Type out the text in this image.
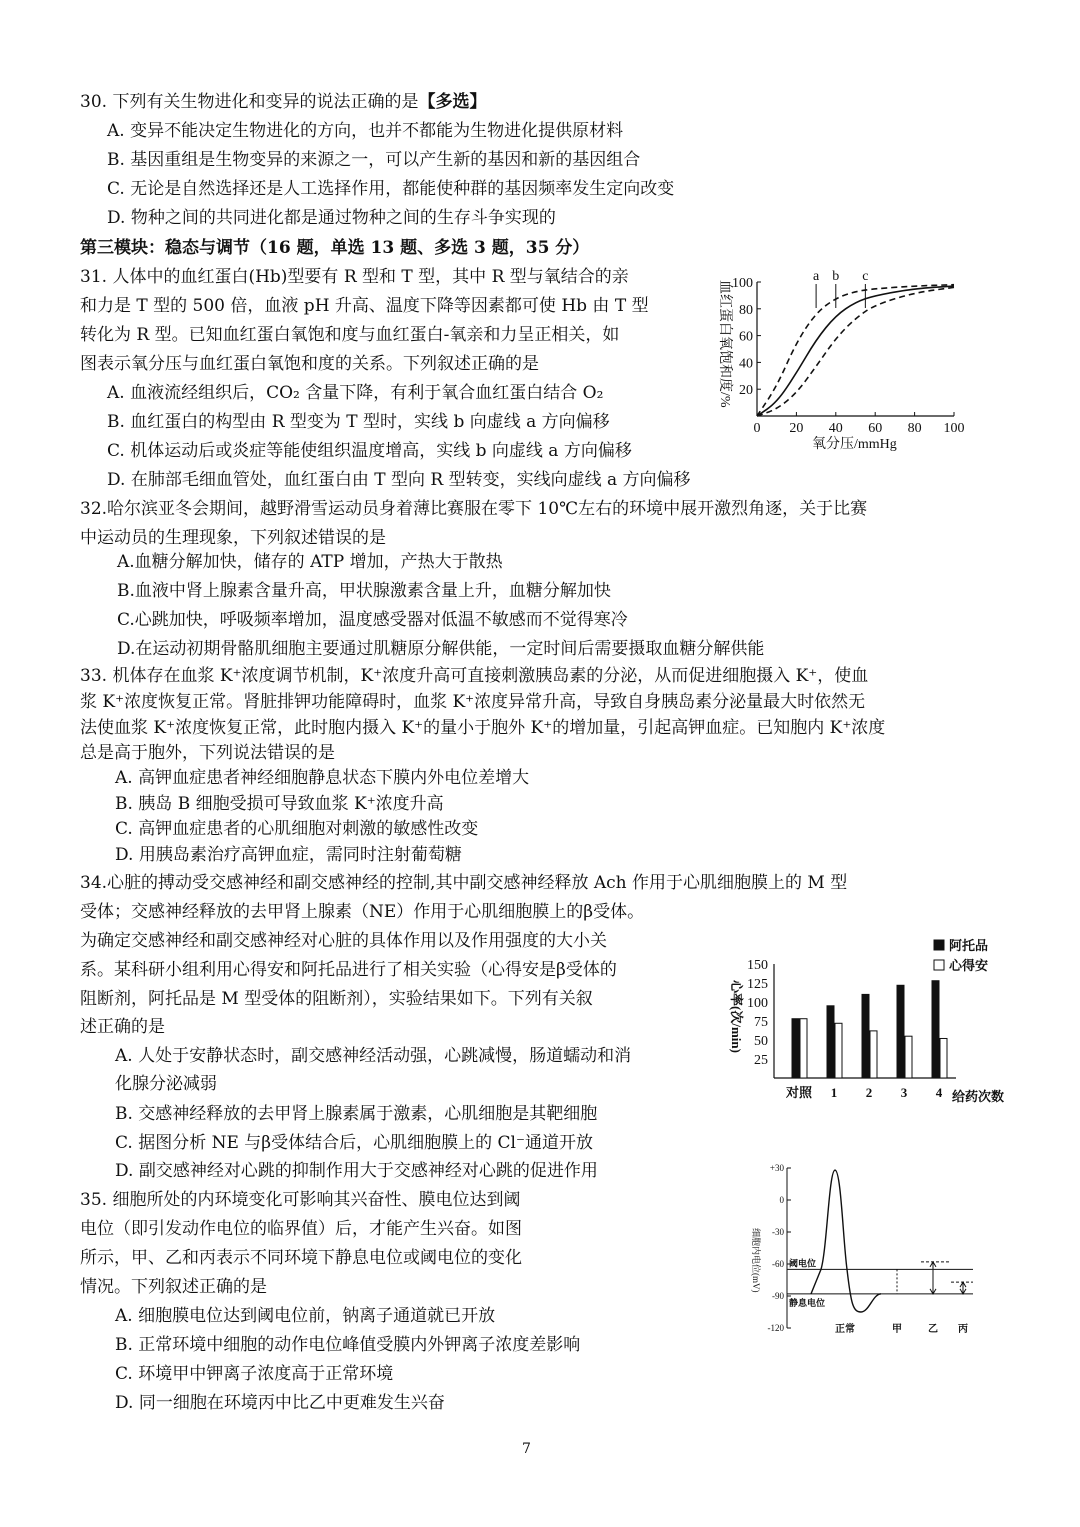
30. 下列有关生物进化和变异的说法正确的是【多选】
A. 变异不能决定生物进化的方向，也并不都能为生物进化提供原材料
B. 基因重组是生物变异的来源之一，可以产生新的基因和新的基因组合
C. 无论是自然选择还是人工选择作用，都能使种群的基因频率发生定向改变
D. 物种之间的共同进化都是通过物种之间的生存斗争实现的
第三模块：稳态与调节（16 题，单选 13 题、多选 3 题，35 分）
31. 人体中的血红蛋白(Hb)型要有 R 型和 T 型，其中 R 型与氧结合的亲
和力是 T 型的 500 倍，血液 pH 升高、温度下降等因素都可使 Hb 由 T 型
转化为 R 型。已知血红蛋白氧饱和度与血红蛋白-氧亲和力呈正相关，如
图表示氧分压与血红蛋白氧饱和度的关系。下列叙述正确的是
A. 血液流经组织后，CO₂ 含量下降，有利于氧合血红蛋白结合 O₂
B. 血红蛋白的构型由 R 型变为 T 型时，实线 b 向虚线 a 方向偏移
C. 机体运动后或炎症等能使组织温度增高，实线 b 向虚线 a 方向偏移
D. 在肺部毛细血管处，血红蛋白由 T 型向 R 型转变，实线向虚线 a 方向偏移
血红蛋白氧饱和度/%
0 20 40 60 80 100
20
40
60
80
100	a b c
氧分压/mmHg
32.哈尔滨亚冬会期间，越野滑雪运动员身着薄比赛服在零下 10℃左右的环境中展开激烈角逐，关于比赛
中运动员的生理现象，下列叙述错误的是
A.血糖分解加快，储存的 ATP 增加，产热大于散热
B.血液中肾上腺素含量升高，甲状腺激素含量上升，血糖分解加快
C.心跳加快，呼吸频率增加，温度感受器对低温不敏感而不觉得寒冷
D.在运动初期骨骼肌细胞主要通过肌糖原分解供能，一定时间后需要摄取血糖分解供能
33. 机体存在血浆 K⁺浓度调节机制，K⁺浓度升高可直接刺激胰岛素的分泌，从而促进细胞摄入 K⁺，使血
浆 K⁺浓度恢复正常。肾脏排钾功能障碍时，血浆 K⁺浓度异常升高，导致自身胰岛素分泌量最大时依然无
法使血浆 K⁺浓度恢复正常，此时胞内摄入 K⁺的量小于胞外 K⁺的增加量，引起高钾血症。已知胞内 K⁺浓度
总是高于胞外，下列说法错误的是
A. 高钾血症患者神经细胞静息状态下膜内外电位差增大
B. 胰岛 B 细胞受损可导致血浆 K⁺浓度升高
C. 高钾血症患者的心肌细胞对刺激的敏感性改变
D. 用胰岛素治疗高钾血症，需同时注射葡萄糖
34.心脏的搏动受交感神经和副交感神经的控制,其中副交感神经释放 Ach 作用于心肌细胞膜上的 M 型
受体；交感神经释放的去甲肾上腺素（NE）作用于心肌细胞膜上的β受体。
为确定交感神经和副交感神经对心脏的具体作用以及作用强度的大小关
系。某科研小组利用心得安和阿托品进行了相关实验（心得安是β受体的
阻断剂，阿托品是 M 型受体的阻断剂），实验结果如下。下列有关叙
述正确的是
A. 人处于安静状态时，副交感神经活动强，心跳减慢，肠道蠕动和消
化腺分泌减弱
B. 交感神经释放的去甲肾上腺素属于激素，心肌细胞是其靶细胞
C. 据图分析 NE 与β受体结合后，心肌细胞膜上的 Cl⁻通道开放
D. 副交感神经对心跳的抑制作用大于交感神经对心跳的促进作用
阿托品
心得安
心率(次/min)
25
50
75
100
125
150
对照 1 2 3 4 给药次数
35. 细胞所处的内环境变化可影响其兴奋性、膜电位达到阈
电位（即引发动作电位的临界值）后，才能产生兴奋。如图
所示，甲、乙和丙表示不同环境下静息电位或阈电位的变化
情况。下列叙述正确的是
A. 细胞膜电位达到阈电位前，钠离子通道就已开放
B. 正常环境中细胞的动作电位峰值受膜内外钾离子浓度差影响
C. 环境甲中钾离子浓度高于正常环境
D. 同一细胞在环境丙中比乙中更难发生兴奋
细胞内电位(mV)
+30
0
-30
-60
-90
-120
阈电位
静息电位
正常	甲	乙 丙
7
